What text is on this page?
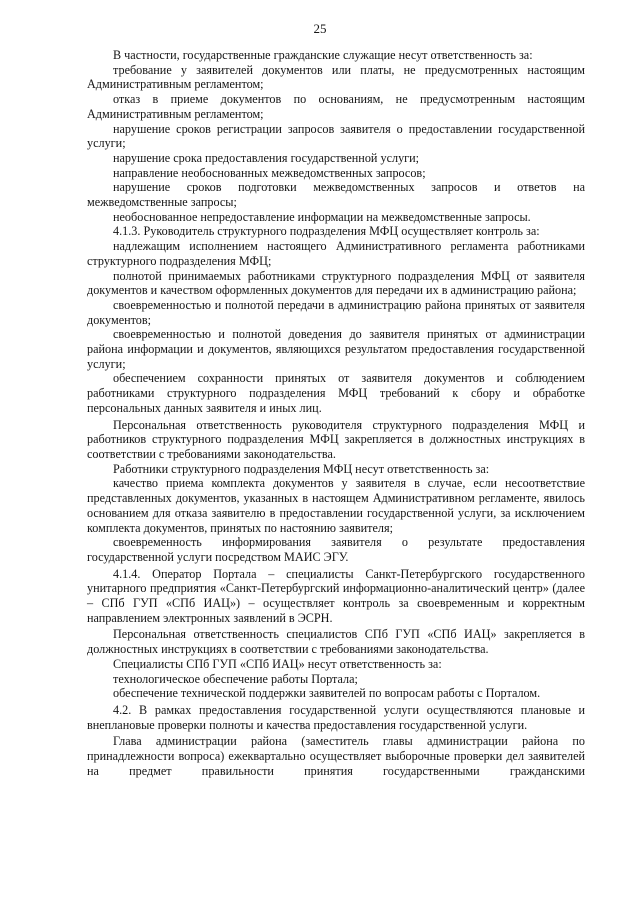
25

В частности, государственные гражданские служащие несут ответственность за:

требование у заявителей документов или платы, не предусмотренных настоящим Административным регламентом;

отказ в приеме документов по основаниям, не предусмотренным настоящим Административным регламентом;

нарушение сроков регистрации запросов заявителя о предоставлении государственной услуги;

нарушение срока предоставления государственной услуги;

направление необоснованных межведомственных запросов;

нарушение сроков подготовки межведомственных запросов и ответов на межведомственные запросы;

необоснованное непредоставление информации на межведомственные запросы.

4.1.3. Руководитель структурного подразделения МФЦ осуществляет контроль за:

надлежащим исполнением настоящего Административного регламента работниками структурного подразделения МФЦ;

полнотой принимаемых работниками структурного подразделения МФЦ от заявителя документов и качеством оформленных документов для передачи их в администрацию района;

своевременностью и полнотой передачи в администрацию района принятых от заявителя документов;

своевременностью и полнотой доведения до заявителя принятых от администрации района информации и документов, являющихся результатом предоставления государственной услуги;

обеспечением сохранности принятых от заявителя документов и соблюдением работниками структурного подразделения МФЦ требований к сбору и обработке персональных данных заявителя и иных лиц.

Персональная ответственность руководителя структурного подразделения МФЦ и работников структурного подразделения МФЦ закрепляется в должностных инструкциях в соответствии с требованиями законодательства.

Работники структурного подразделения МФЦ несут ответственность за:

качество приема комплекта документов у заявителя в случае, если несоответствие представленных документов, указанных в настоящем Административном регламенте, явилось основанием для отказа заявителю в предоставлении государственной услуги, за исключением комплекта документов, принятых по настоянию заявителя;

своевременность информирования заявителя о результате предоставления государственной услуги посредством МАИС ЭГУ.

4.1.4. Оператор Портала – специалисты Санкт-Петербургского государственного унитарного предприятия «Санкт-Петербургский информационно-аналитический центр» (далее – СПб ГУП «СПб ИАЦ») – осуществляет контроль за своевременным и корректным направлением электронных заявлений в ЭСРН.

Персональная ответственность специалистов СПб ГУП «СПб ИАЦ» закрепляется в должностных инструкциях в соответствии с требованиями законодательства.

Специалисты СПб ГУП «СПб ИАЦ» несут ответственность за:

технологическое обеспечение работы Портала;

обеспечение технической поддержки заявителей по вопросам работы с Порталом.

4.2. В рамках предоставления государственной услуги осуществляются плановые и внеплановые проверки полноты и качества предоставления государственной услуги.

Глава администрации района (заместитель главы администрации района по принадлежности вопроса) ежеквартально осуществляет выборочные проверки дел заявителей на предмет правильности принятия государственными гражданскими
